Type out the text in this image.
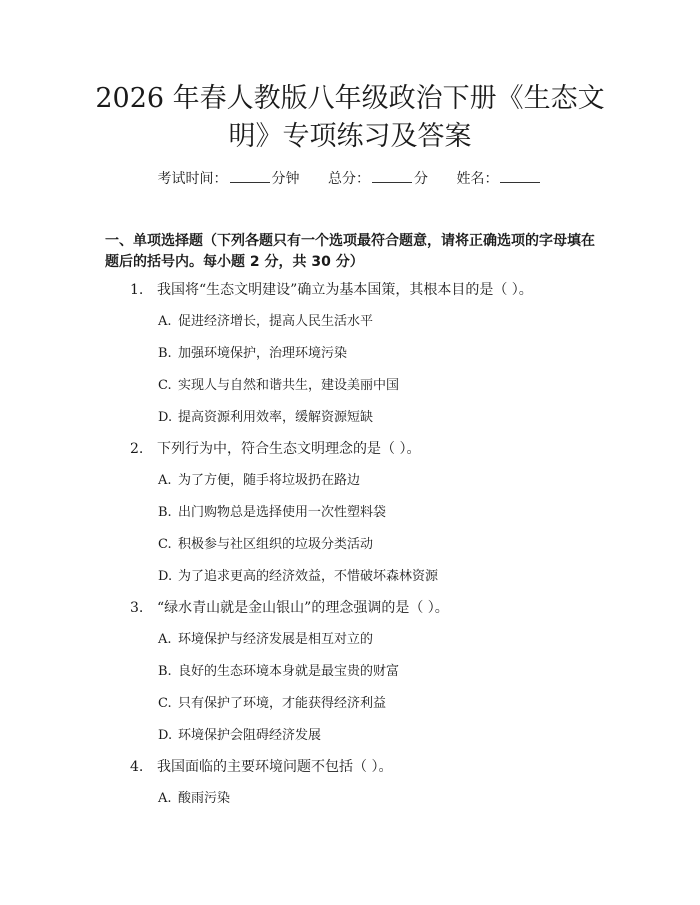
2026 年春人教版八年级政治下册《生态文
明》专项练习及答案
考试时间：	分钟 总分：	分 姓名：

一、单项选择题（下列各题只有一个选项最符合题意，请将正确选项的字母填在题后的括号内。每小题 2 分，共 30 分）

1. 我国将“生态文明建设”确立为基本国策，其根本目的是（ ）。
A. 促进经济增长，提高人民生活水平
B. 加强环境保护，治理环境污染
C. 实现人与自然和谐共生，建设美丽中国
D. 提高资源利用效率，缓解资源短缺
2. 下列行为中，符合生态文明理念的是（ ）。
A. 为了方便，随手将垃圾扔在路边
B. 出门购物总是选择使用一次性塑料袋
C. 积极参与社区组织的垃圾分类活动
D. 为了追求更高的经济效益，不惜破坏森林资源
3. “绿水青山就是金山银山”的理念强调的是（ ）。
A. 环境保护与经济发展是相互对立的
B. 良好的生态环境本身就是最宝贵的财富
C. 只有保护了环境，才能获得经济利益
D. 环境保护会阻碍经济发展
4. 我国面临的主要环境问题不包括（ ）。
A. 酸雨污染
